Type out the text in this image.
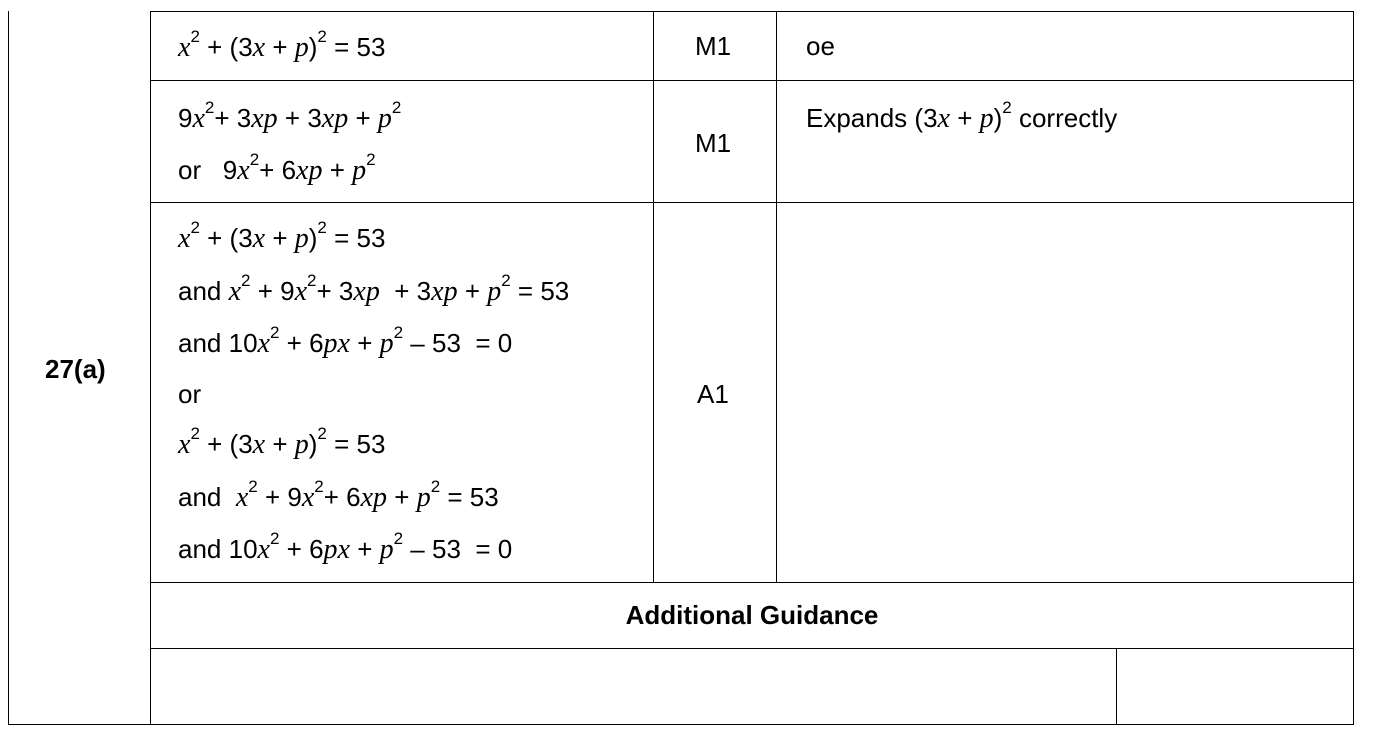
27(a)
$x^2 + (3x + p)^2 = 53$	M1	oe
$9x^2+ 3xp + 3xp + p^2$
or   $9x^2+ 6xp + p^2$
M1
Expands $(3x + p)^2$ correctly
$x^2 + (3x + p)^2 = 53$
and $x^2 + 9x^2+ 3xp + 3xp + p^2 = 53$
and $10x^2 + 6px + p^2 - 53 = 0$
or
$x^2 + (3x + p)^2 = 53$
and  $x^2 + 9x^2+ 6xp + p^2 = 53$
and $10x^2 + 6px + p^2 - 53 = 0$
A1
Additional Guidance
